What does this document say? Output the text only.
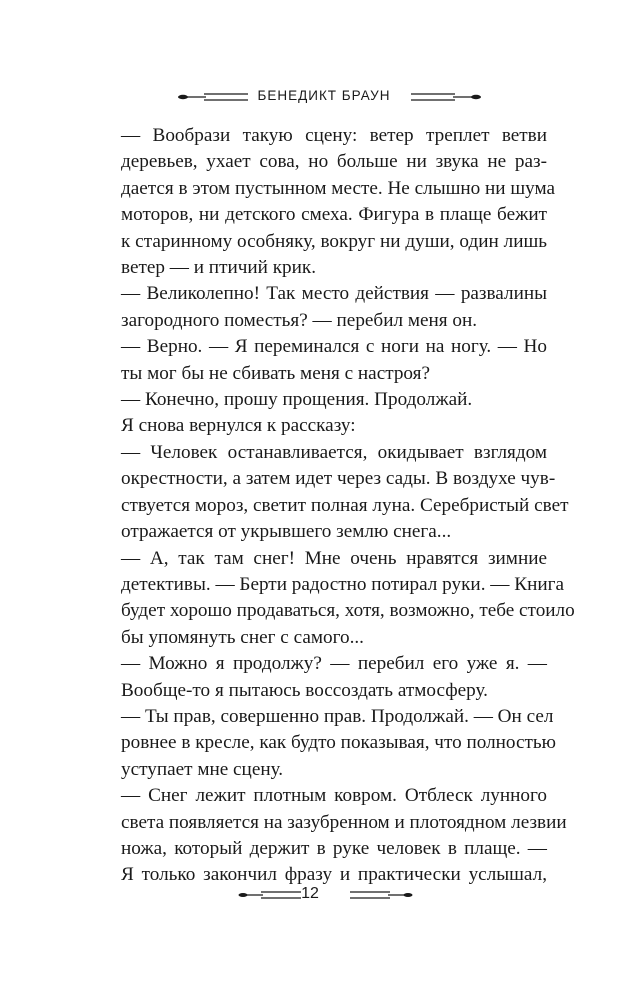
БЕНЕДИКТ БРАУН

— Вообрази такую сцену: ветер треплет ветви
деревьев, ухает сова, но больше ни звука не раз-
дается в этом пустынном месте. Не слышно ни шума
моторов, ни детского смеха. Фигура в плаще бежит
к старинному особняку, вокруг ни души, один лишь
ветер — и птичий крик.

— Великолепно! Так место действия — развалины
загородного поместья? — перебил меня он.

— Верно. — Я переминался с ноги на ногу. — Но
ты мог бы не сбивать меня с настроя?

— Конечно, прошу прощения. Продолжай.

Я снова вернулся к рассказу:

— Человек останавливается, окидывает взглядом
окрестности, а затем идет через сады. В воздухе чув-
ствуется мороз, светит полная луна. Серебристый свет
отражается от укрывшего землю снега...

— А, так там снег! Мне очень нравятся зимние
детективы. — Берти радостно потирал руки. — Книга
будет хорошо продаваться, хотя, возможно, тебе стоило
бы упомянуть снег с самого...

— Можно я продолжу? — перебил его уже я. —
Вообще-то я пытаюсь воссоздать атмосферу.

— Ты прав, совершенно прав. Продолжай. — Он сел
ровнее в кресле, как будто показывая, что полностью
уступает мне сцену.

— Снег лежит плотным ковром. Отблеск лунного
света появляется на зазубренном и плотоядном лезвии
ножа, который держит в руке человек в плаще. —
Я только закончил фразу и практически услышал,

12
